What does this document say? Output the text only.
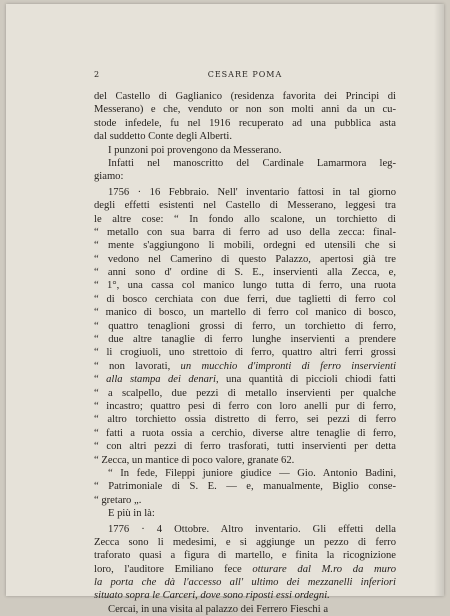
2	CESARE POMA
del Castello di Gaglianico (residenza favorita dei Principi di
Messerano) e che, venduto or non son molti anni da un cu-
stode infedele, fu nel 1916 recuperato ad una pubblica asta
dal suddetto Conte degli Alberti.
I punzoni poi provengono da Messerano.
Infatti nel manoscritto del Cardinale Lamarmora leg-
giamo:
1756 · 16 Febbraio. Nell' inventario fattosi in tal giorno
degli effetti esistenti nel Castello di Messerano, leggesi tra
le altre cose: “ In fondo allo scalone, un torchietto di
“ metallo con sua barra di ferro ad uso della zecca: final-
“ mente s'aggiungono li mobili, ordegni ed utensili che si
“ vedono nel Camerino di questo Palazzo, apertosi già tre
“ anni sono d' ordine di S. E., inservienti alla Zecca, e,
“ 1°, una cassa col manico lungo tutta di ferro, una ruota
“ di bosco cerchiata con due ferri, due taglietti di ferro col
“ manico di bosco, un martello di ferro col manico di bosco,
“ quattro tenaglioni grossi di ferro, un torchietto di ferro,
“ due altre tanaglie di ferro lunghe inservienti a prendere
“ li crogiuoli, uno strettoio di ferro, quattro altri ferri grossi
“ non lavorati, un mucchio d'impronti di ferro inservienti
“ alla stampa dei denari, una quantità di piccioli chiodi fatti
“ a scalpello, due pezzi di metallo inservienti per qualche
“ incastro; quattro pesi di ferro con loro anelli pur di ferro,
“ altro torchietto ossia distretto di ferro, sei pezzi di ferro
“ fatti a ruota ossia a cerchio, diverse altre tenaglie di ferro,
“ con altri pezzi di ferro trasforati, tutti inservienti per detta
“ Zecca, un mantice di poco valore, granate 62.
“ In fede, Fileppi juniore giudice — Gio. Antonio Badini,
“ Patrimoniale di S. E. — e, manualmente, Biglio conse-
“ gretaro „.
E più in là:
1776 · 4 Ottobre. Altro inventario. Gli effetti della
Zecca sono li medesimi, e si aggiunge un pezzo di ferro
traforato quasi a figura di martello, e finita la ricognizione
loro, l'auditore Emiliano fece otturare dal M.ro da muro
la porta che dà l'accesso all' ultimo dei mezzanelli inferiori
situato sopra le Carceri, dove sono riposti essi ordegni.
Cercai, in una visita al palazzo dei Ferrero Fieschi a
